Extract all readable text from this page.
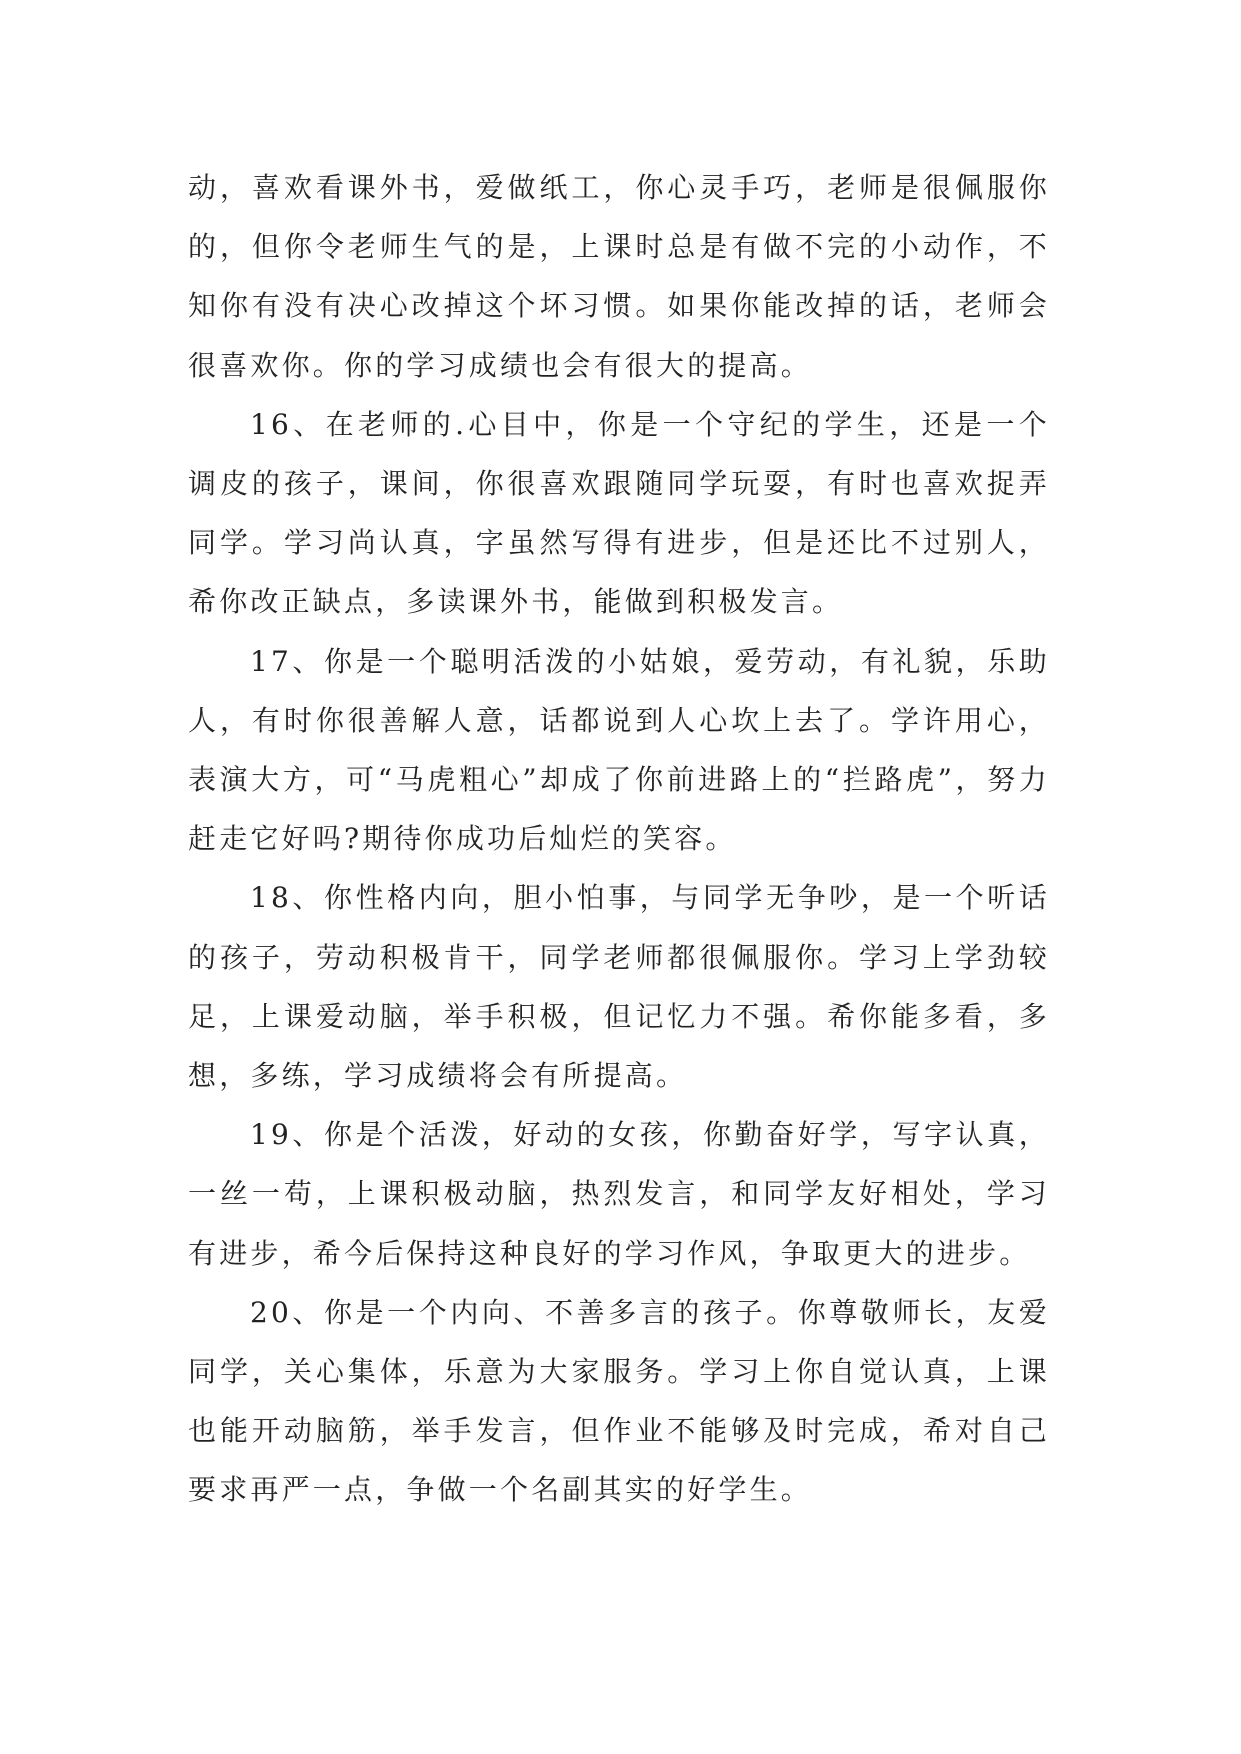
动，喜欢看课外书，爱做纸工，你心灵手巧，老师是很佩服你的，但你令老师生气的是，上课时总是有做不完的小动作，不知你有没有决心改掉这个坏习惯。如果你能改掉的话，老师会很喜欢你。你的学习成绩也会有很大的提高。

16、在老师的.心目中，你是一个守纪的学生，还是一个调皮的孩子，课间，你很喜欢跟随同学玩耍，有时也喜欢捉弄同学。学习尚认真，字虽然写得有进步，但是还比不过别人，希你改正缺点，多读课外书，能做到积极发言。

17、你是一个聪明活泼的小姑娘，爱劳动，有礼貌，乐助人，有时你很善解人意，话都说到人心坎上去了。学许用心，表演大方，可“马虎粗心”却成了你前进路上的“拦路虎”，努力赶走它好吗?期待你成功后灿烂的笑容。

18、你性格内向，胆小怕事，与同学无争吵，是一个听话的孩子，劳动积极肯干，同学老师都很佩服你。学习上学劲较足，上课爱动脑，举手积极，但记忆力不强。希你能多看，多想，多练，学习成绩将会有所提高。

19、你是个活泼，好动的女孩，你勤奋好学，写字认真，一丝一苟，上课积极动脑，热烈发言，和同学友好相处，学习有进步，希今后保持这种良好的学习作风，争取更大的进步。

20、你是一个内向、不善多言的孩子。你尊敬师长，友爱同学，关心集体，乐意为大家服务。学习上你自觉认真，上课也能开动脑筋，举手发言，但作业不能够及时完成，希对自己要求再严一点，争做一个名副其实的好学生。
